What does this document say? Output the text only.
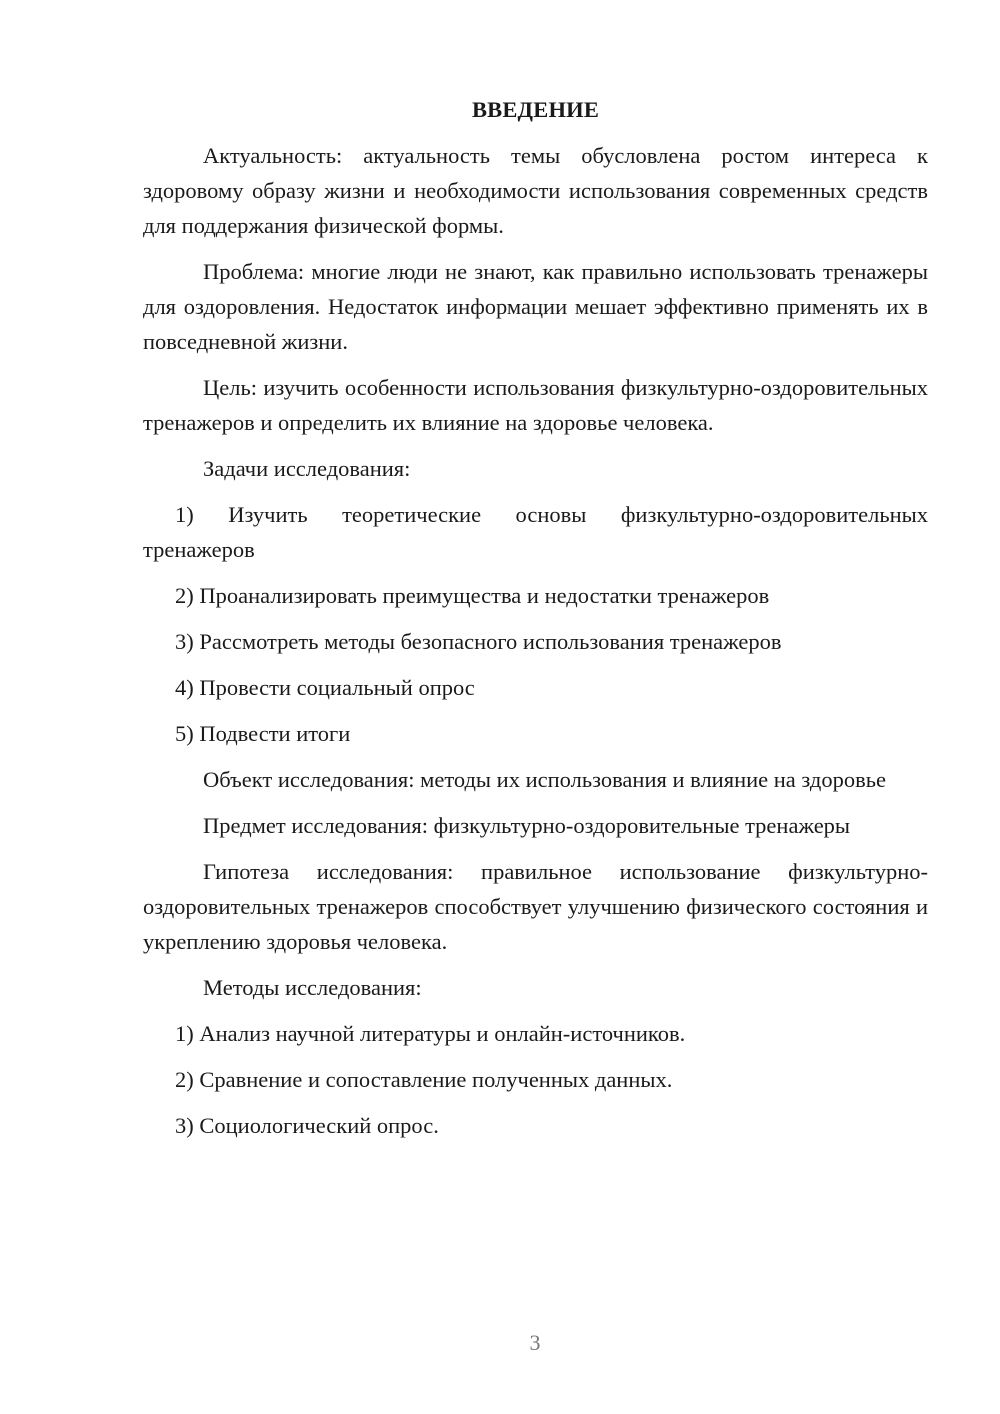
ВВЕДЕНИЕ
Актуальность: актуальность темы обусловлена ростом интереса к здоровому образу жизни и необходимости использования современных средств для поддержания физической формы.
Проблема: многие люди не знают, как правильно использовать тренажеры для оздоровления. Недостаток информации мешает эффективно применять их в повседневной жизни.
Цель: изучить особенности использования физкультурно-оздоровительных тренажеров и определить их влияние на здоровье человека.
Задачи исследования:
1) Изучить теоретические основы физкультурно-оздоровительных тренажеров
2) Проанализировать преимущества и недостатки тренажеров
3) Рассмотреть методы безопасного использования тренажеров
4) Провести социальный опрос
5) Подвести итоги
Объект исследования: методы их использования и влияние на здоровье
Предмет исследования: физкультурно-оздоровительные тренажеры
Гипотеза исследования: правильное использование физкультурно-оздоровительных тренажеров способствует улучшению физического состояния и укреплению здоровья человека.
Методы исследования:
1) Анализ научной литературы и онлайн-источников.
2) Сравнение и сопоставление полученных данных.
3) Социологический опрос.
3
